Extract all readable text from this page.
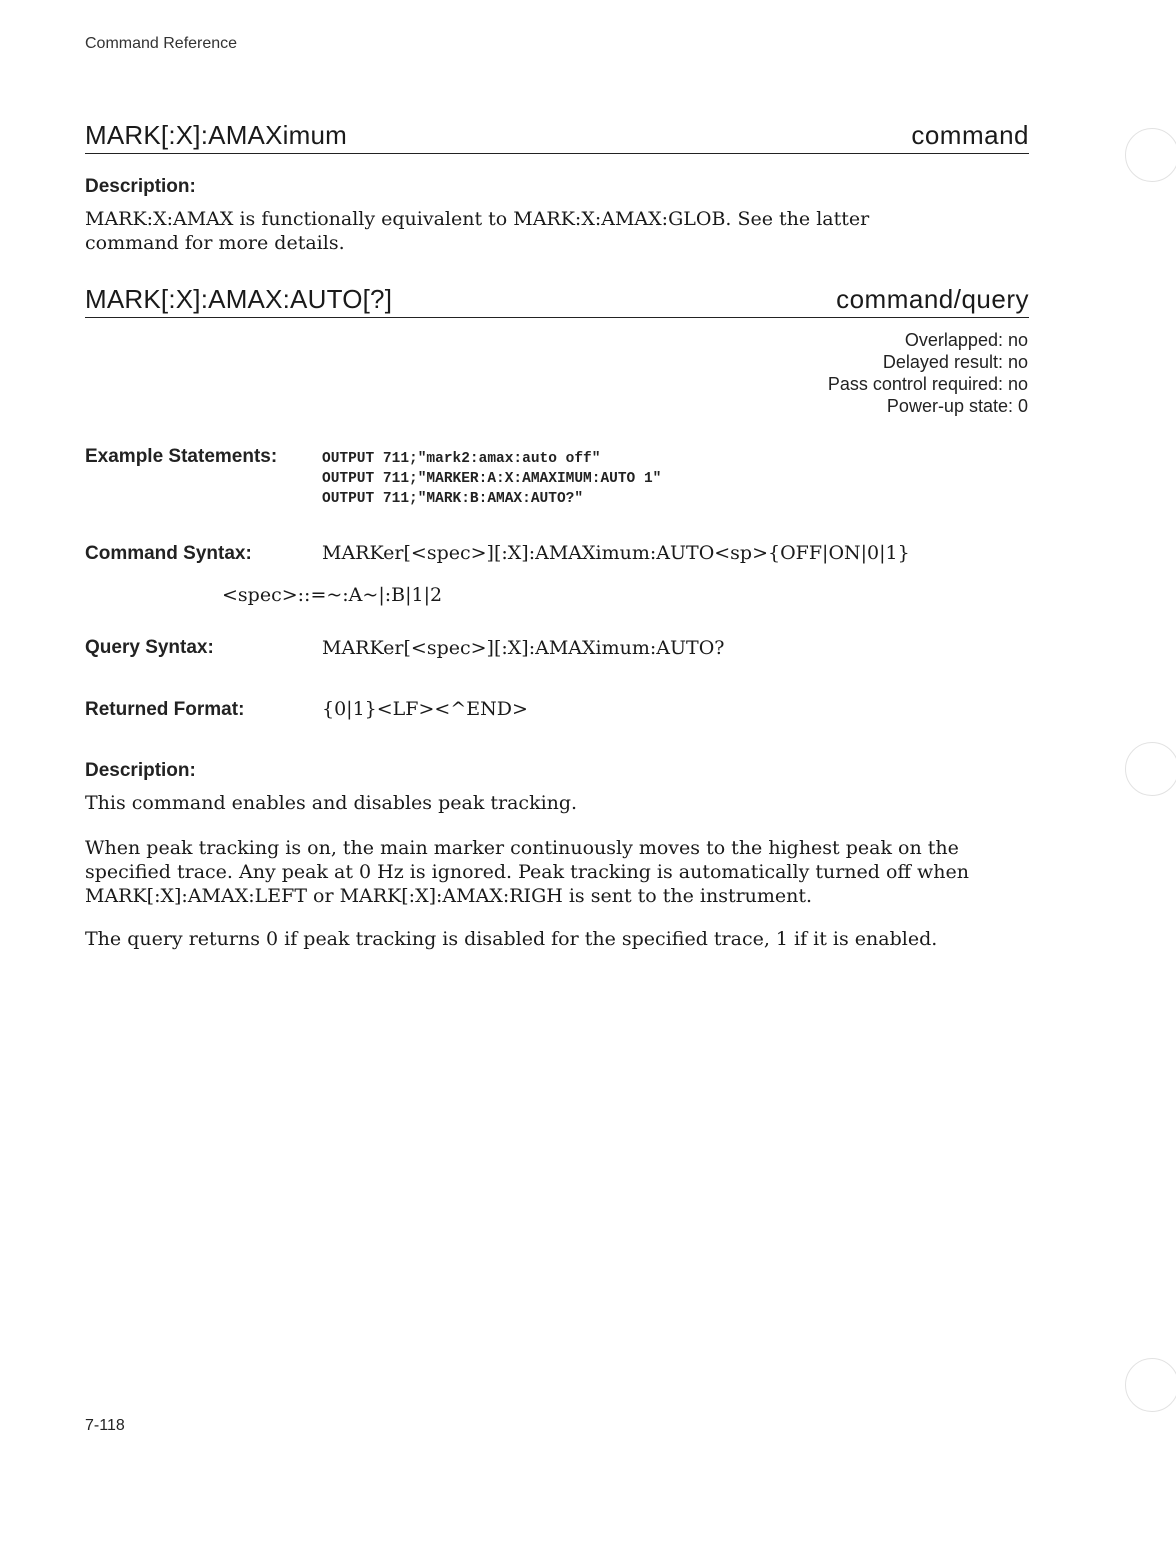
Command Reference
MARK[:X]:AMAXimum	command
Description:
MARK:X:AMAX is functionally equivalent to MARK:X:AMAX:GLOB. See the latter command for more details.
MARK[:X]:AMAX:AUTO[?]	command/query
Overlapped: no
Delayed result: no
Pass control required: no
Power-up state: 0
Example Statements:	OUTPUT 711;"mark2:amax:auto off"
OUTPUT 711;"MARKER:A:X:AMAXIMUM:AUTO 1"
OUTPUT 711;"MARK:B:AMAX:AUTO?"
Command Syntax:	MARKer[<spec>][:X]:AMAXimum:AUTO<sp>{OFF|ON|0|1}
<spec>::=~:A~|:B|1|2
Query Syntax:	MARKer[<spec>][:X]:AMAXimum:AUTO?
Returned Format:	{0|1}<LF><^END>
Description:
This command enables and disables peak tracking.
When peak tracking is on, the main marker continuously moves to the highest peak on the specified trace. Any peak at 0 Hz is ignored. Peak tracking is automatically turned off when MARK[:X]:AMAX:LEFT or MARK[:X]:AMAX:RIGH is sent to the instrument.
The query returns 0 if peak tracking is disabled for the specified trace, 1 if it is enabled.
7-118
